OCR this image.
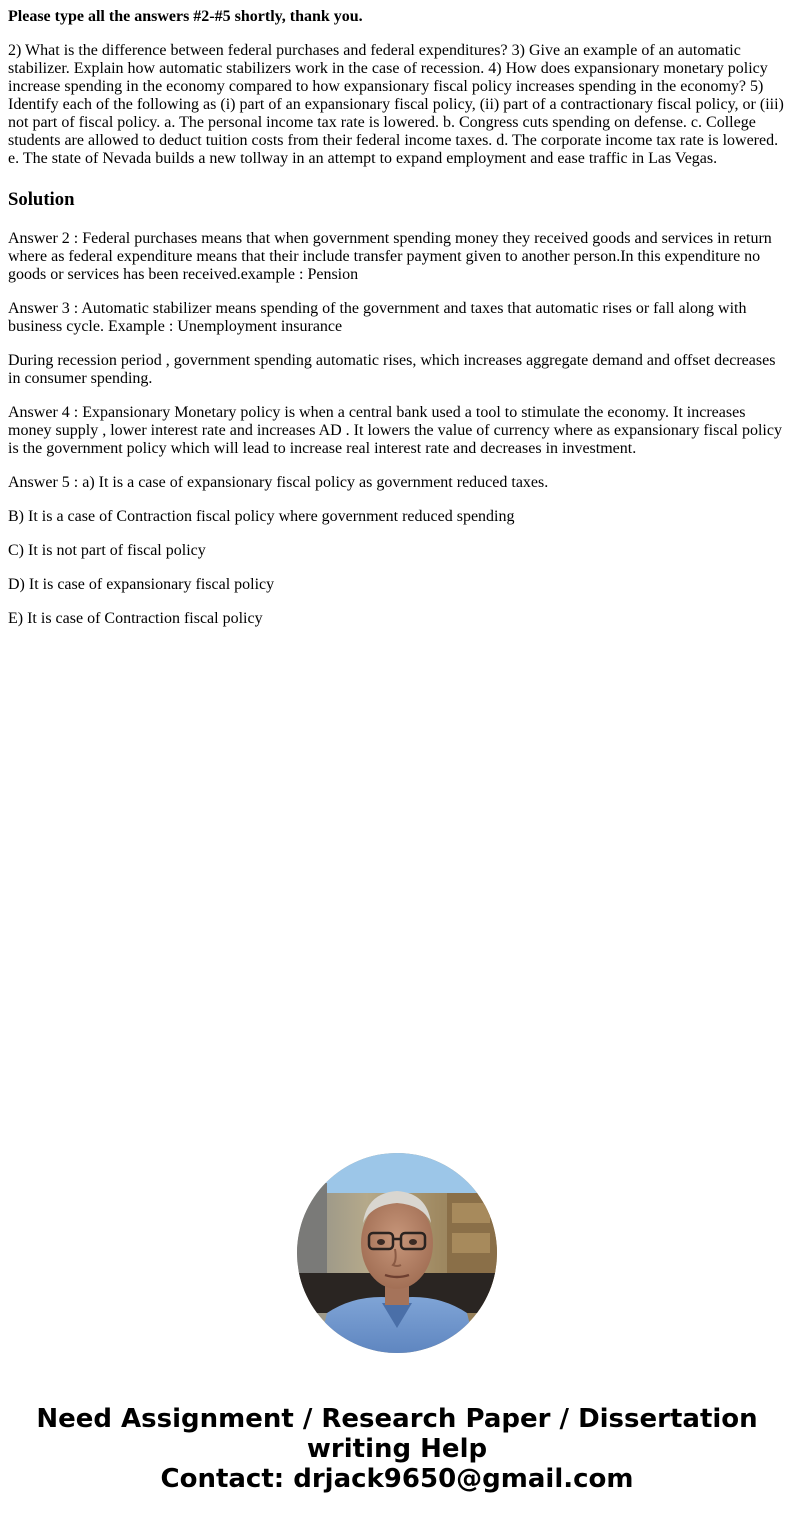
Please type all the answers #2-#5 shortly, thank you.

2) What is the difference between federal purchases and federal expenditures? 3) Give an example of an automatic stabilizer. Explain how automatic stabilizers work in the case of recession. 4) How does expansionary monetary policy increase spending in the economy compared to how expansionary fiscal policy increases spending in the economy? 5) Identify each of the following as (i) part of an expansionary fiscal policy, (ii) part of a contractionary fiscal policy, or (iii) not part of fiscal policy. a. The personal income tax rate is lowered. b. Congress cuts spending on defense. c. College students are allowed to deduct tuition costs from their federal income taxes. d. The corporate income tax rate is lowered. e. The state of Nevada builds a new tollway in an attempt to expand employment and ease traffic in Las Vegas.

Solution

Answer 2 : Federal purchases means that when government spending money they received goods and services in return where as federal expenditure means that their include transfer payment given to another person.In this expenditure no goods or services has been received.example : Pension

Answer 3 : Automatic stabilizer means spending of the government and taxes that automatic rises or fall along with business cycle. Example : Unemployment insurance

During recession period , government spending automatic rises, which increases aggregate demand and offset decreases in consumer spending.

Answer 4 : Expansionary Monetary policy is when a central bank used a tool to stimulate the economy. It increases money supply , lower interest rate and increases AD . It lowers the value of currency where as expansionary fiscal policy is the government policy which will lead to increase real interest rate and decreases in investment.

Answer 5 : a) It is a case of expansionary fiscal policy as government reduced taxes.

B) It is a case of Contraction fiscal policy where government reduced spending

C) It is not part of fiscal policy

D) It is case of expansionary fiscal policy

E) It is case of Contraction fiscal policy

Need Assignment / Research Paper / Dissertation
writing Help
Contact: drjack9650@gmail.com
